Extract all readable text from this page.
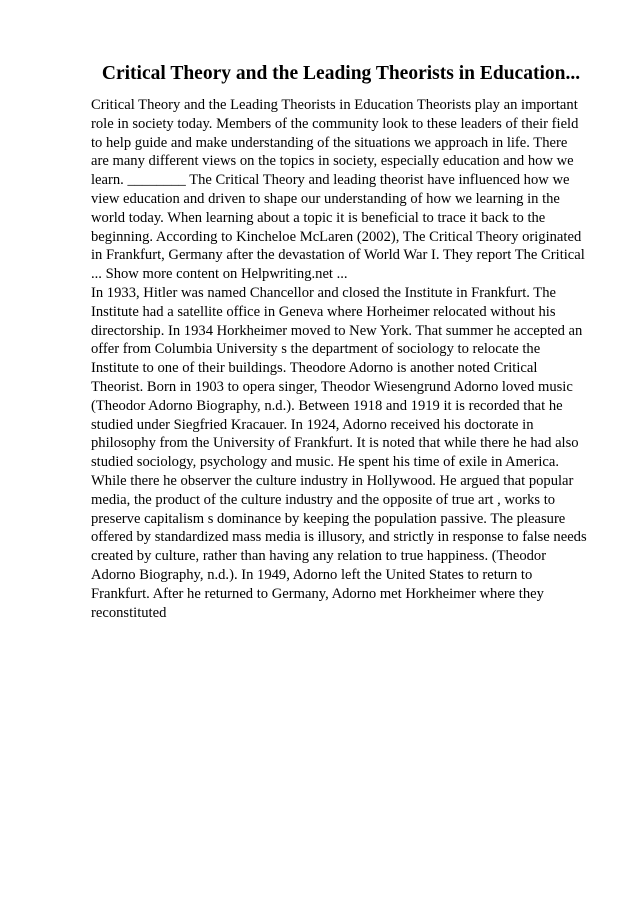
Critical Theory and the Leading Theorists in Education...

Critical Theory and the Leading Theorists in Education Theorists play an important
role in society today. Members of the community look to these leaders of their field
to help guide and make understanding of the situations we approach in life. There
are many different views on the topics in society, especially education and how we
learn. ________ The Critical Theory and leading theorist have influenced how we
view education and driven to shape our understanding of how we learning in the
world today. When learning about a topic it is beneficial to trace it back to the
beginning. According to Kincheloe McLaren (2002), The Critical Theory originated
in Frankfurt, Germany after the devastation of World War I. They report The Critical
... Show more content on Helpwriting.net ...

In 1933, Hitler was named Chancellor and closed the Institute in Frankfurt. The
Institute had a satellite office in Geneva where Horheimer relocated without his
directorship. In 1934 Horkheimer moved to New York. That summer he accepted an
offer from Columbia University s the department of sociology to relocate the
Institute to one of their buildings. Theodore Adorno is another noted Critical
Theorist. Born in 1903 to opera singer, Theodor Wiesengrund Adorno loved music
(Theodor Adorno Biography, n.d.). Between 1918 and 1919 it is recorded that he
studied under Siegfried Kracauer. In 1924, Adorno received his doctorate in
philosophy from the University of Frankfurt. It is noted that while there he had also
studied sociology, psychology and music. He spent his time of exile in America.
While there he observer the culture industry in Hollywood. He argued that popular
media, the product of the culture industry and the opposite of true art , works to
preserve capitalism s dominance by keeping the population passive. The pleasure
offered by standardized mass media is illusory, and strictly in response to false needs
created by culture, rather than having any relation to true happiness. (Theodor
Adorno Biography, n.d.). In 1949, Adorno left the United States to return to
Frankfurt. After he returned to Germany, Adorno met Horkheimer where they
reconstituted
